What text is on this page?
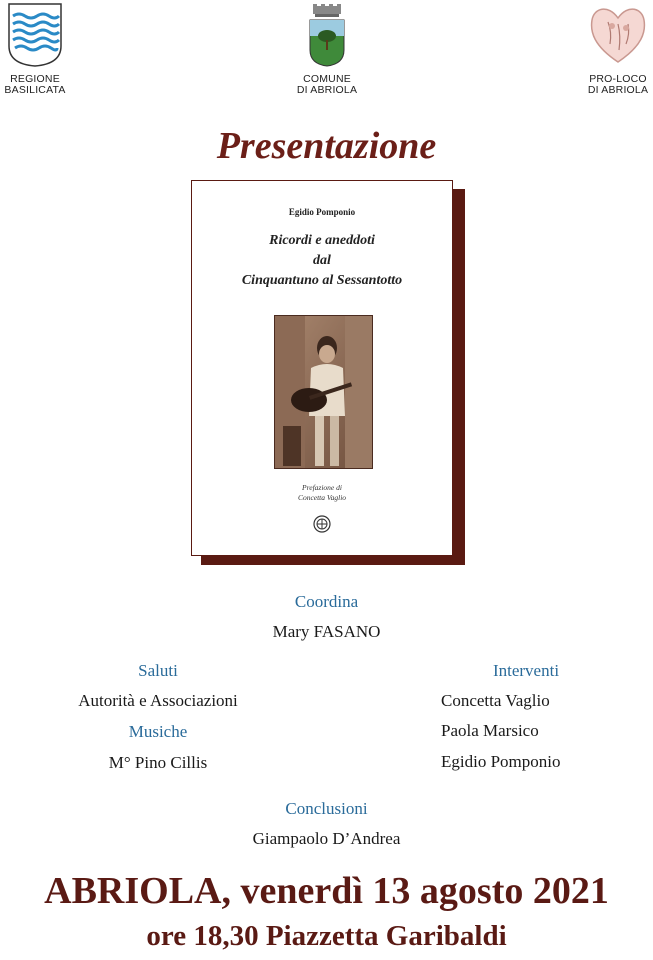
REGIONE
BASILICATA
COMUNE
DI ABRIOLA
PRO-LOCO
DI ABRIOLA
Presentazione
Egidio Pomponio
Ricordi e aneddoti
dal
Cinquantuno al Sessantotto
Prefazione di
Concetta Vaglio
Coordina
Mary FASANO
Saluti
Autorità e Associazioni
Musiche
M° Pino Cillis
Interventi
Concetta Vaglio
Paola Marsico
Egidio Pomponio
Conclusioni
Giampaolo D’Andrea
ABRIOLA, venerdì 13 agosto 2021
ore 18,30 Piazzetta Garibaldi
